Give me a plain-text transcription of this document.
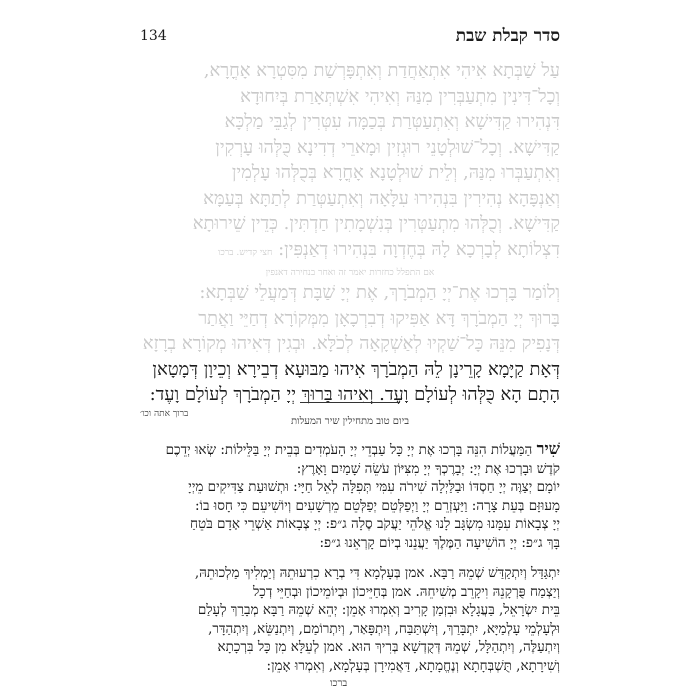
סדר קבלת שבת
134
עַל שַׁבְּתָא אִיהִי אִתְאַחֲדַת וְאִתְפָּרְשַׁת מִסִּטְרָא אָחֳרָא,
וְכָל־דִּינִין מִתְעַבְּרִין מִנַּהּ וְאִיהִי אִשְׁתְּאָרַת בְּיִחוּדָא
דִּנְהִירוּ קַדִּישָׁא וְאִתְעַטְּרַת בְּכַמָּה עִטְּרִין לְגַבֵּי מַלְכָּא
קַדִּישָׁא. וְכָל־שׁוּלְטָנֵי רוּגְזִין וּמָארֵי דְדִינָא כֻּלְּהוּ עָרְקִין
וְאִתְעַבְּרוּ מִנַּהּ, וְלֵית שׁוּלְטָנָא אָחֳרָא בְּכֻלְּהוּ עָלְמִין
וְאַנְפָּהָא נְהִירִין בִּנְהִירוּ עִלָּאָה וְאִתְעַטְּרַת לְתַתָּא בְּעַמָּא
קַדִּישָׁא. וְכֻלְּהוּ מִתְעַטְּרִין בְּנִשְׁמָתִין חַדְתִּין. כְּדֵין שֵׁירוּתָא
דִצְלוֹתָא לְבָרְכָא לָהּ בְּחֶדְוָה בִּנְהִירוּ דְאַנְפִּין: חצי קדיש. ברכו
אם התפלל כחזרות יאמר זה ואחר בנחירה דאנפין
וְלוֹמַר בָּרְכוּ אֶת־יְיָ הַמְבֹרָךְ, אֶת יְיָ שַׁבָּת דְּמַעֲלֵי שַׁבְּתָא:
בָּרוּךְ יְיָ הַמְבֹרָךְ דָּא אַפִּיקוּ דְבִרְכָאָן מִמְּקוֹרָא דְחַיֵּי וַאֲתַר
דְּנָפִיק מִנֵּהּ כָּל־שַׁקְיוּ לְאַשְׁקָאָה לְכֹלָּא. וּבְגִין דְּאִיהוּ מְקוֹרָא בְרָזָא
דְּאָת קַיָּמָא קָרֵינָן לֵהּ הַמְבֹרָךְ אִיהוּ מַבּוּעָא דְבֵירָא וְכֵיוָן דְּמָטָאן
הָתָם הָא כֻּלְּהוּ לְעוֹלָם וָעֶד. וְאִיהוּ בָּרוּךְ יְיָ הַמְבֹרָךְ לְעוֹלָם וָעֶד:
ברוך אתה וכו׳
ביום טוב מתחילין שיר המעלות
שִׁיר הַמַּעֲלוֹת הִנֵּה בָּרְכוּ אֶת יְיָ כָּל עַבְדֵי יְיָ הָעֹמְדִים בְּבֵית יְיָ בַּלֵּילוֹת: שְׂאוּ יְדֵכֶם
קֹדֶשׁ וּבָרְכוּ אֶת יְיָ: יְבָרֶכְךָ יְיָ מִצִּיּוֹן עֹשֵׂה שָׁמַיִם וָאָרֶץ:
יוֹמָם יְצַוֶּה יְיָ חַסְדּוֹ וּבַלַּיְלָה שִׁירֹה עִמִּי תְּפִלָּה לְאֵל חַיָּי: וּתְשׁוּעַת צַדִּיקִים מֵיְיָ
מָעוּזָּם בְּעֵת צָרָה: וַיַּעְזְרֵם יְיָ וַיְפַלְּטֵם יְפַלְּטֵם מֵרְשָׁעִים וְיוֹשִׁיעֵם כִּי חָסוּ בוֹ:
יְיָ צְבָאוֹת עִמָּנוּ מִשְׂגָּב לָנוּ אֱלֹהֵי יַעֲקֹב סֶלָה ג״פ: יְיָ צְבָאוֹת אַשְׁרֵי אָדָם בֹּטֵחַ
בָּךְ ג״פ: יְיָ הוֹשִׁיעָה הַמֶּלֶךְ יַעֲנֵנוּ בְיוֹם קָרְאֵנוּ ג״פ:
יִתְגַּדַּל וְיִתְקַדַּשׁ שְׁמֵהּ רַבָּא. אמן בְּעָלְמָא דִּי בְרָא כִרְעוּתֵהּ וְיַמְלִיךְ מַלְכוּתֵהּ,
וְיַצְמַח פֻּרְקָנֵהּ וִיקָרֵב מְשִׁיחֵהּ. אמן בְּחַיֵּיכוֹן וּבְיוֹמֵיכוֹן וּבְחַיֵּי דְכָל
בֵּית יִשְׂרָאֵל, בַּעֲגָלָא וּבִזְמַן קָרִיב וְאִמְרוּ אָמֵן: יְהֵא שְׁמֵהּ רַבָּא מְבָרַךְ לְעָלַם
וּלְעָלְמֵי עָלְמַיָּא, יִתְבָּרַךְ, וְיִשְׁתַּבַּח, וְיִתְפָּאַר, וְיִתְרוֹמַם, וְיִתְנַשֵּׂא, וְיִתְהַדָּר,
וְיִתְעַלֶּה, וְיִתְהַלָּל, שְׁמֵהּ דְּקֻדְשָׁא בְּרִיךְ הוּא. אמן לְעֵלָּא מִן כָּל בִּרְכָתָא
וְשִׁירָתָא, תֻּשְׁבְּחָתָא וְנֶחֱמָתָא, דַּאֲמִירָן בְּעָלְמָא, וְאִמְרוּ אָמֵן:
ברכו
